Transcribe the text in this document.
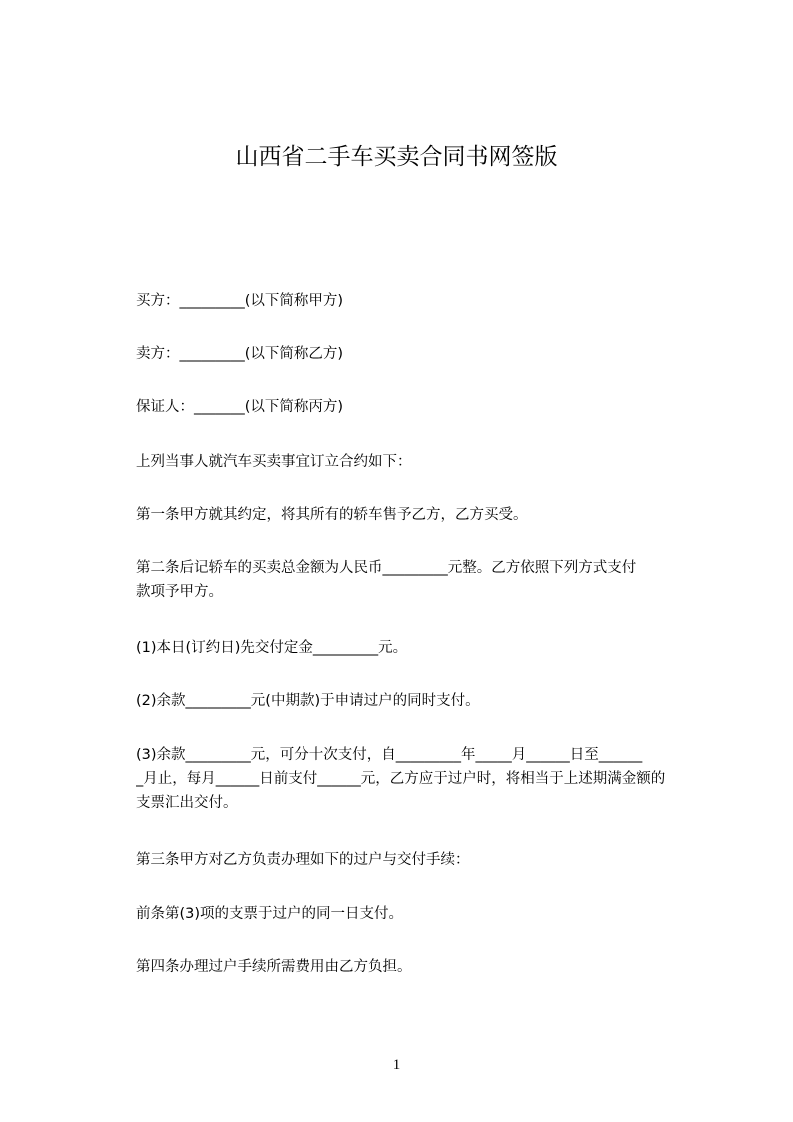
山西省二手车买卖合同书网签版
买方：_________(以下简称甲方)
卖方：_________(以下简称乙方)
保证人：_______(以下简称丙方)
上列当事人就汽车买卖事宜订立合约如下：
第一条甲方就其约定，将其所有的轿车售予乙方，乙方买受。
第二条后记轿车的买卖总金额为人民币_________元整。乙方依照下列方式支付
款项予甲方。
(1)本日(订约日)先交付定金_________元。
(2)余款_________元(中期款)于申请过户的同时支付。
(3)余款_________元，可分十次支付，自_________年_____月______日至______
_月止，每月______日前支付______元，乙方应于过户时，将相当于上述期满金额的
支票汇出交付。
第三条甲方对乙方负责办理如下的过户与交付手续：
前条第(3)项的支票于过户的同一日支付。
第四条办理过户手续所需费用由乙方负担。
1
